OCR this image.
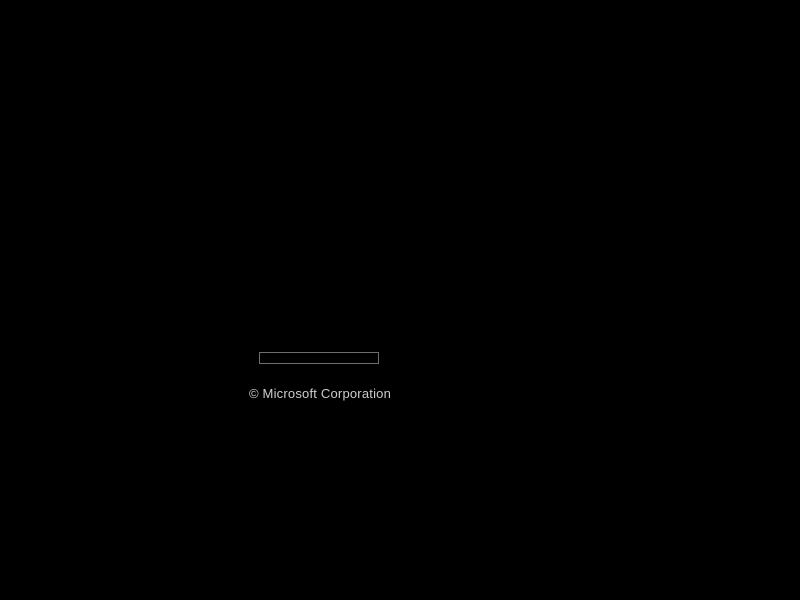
© Microsoft Corporation
